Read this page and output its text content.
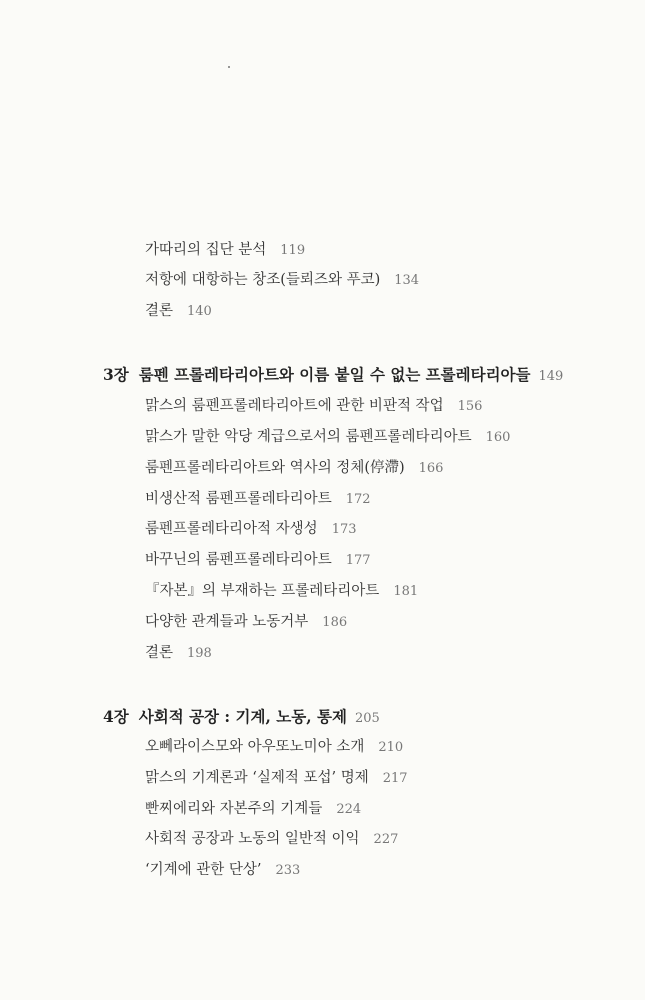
가따리의 집단 분석 119
저항에 대항하는 창조(들뢰즈와 푸코) 134
결론 140
3장 룸펜 프롤레타리아트와 이름 붙일 수 없는 프롤레타리아들 149
맑스의 룸펜프롤레타리아트에 관한 비판적 작업 156
맑스가 말한 악당 계급으로서의 룸펜프롤레타리아트 160
룸펜프롤레타리아트와 역사의 정체(停滯) 166
비생산적 룸펜프롤레타리아트 172
룸펜프롤레타리아적 자생성 173
바꾸닌의 룸펜프롤레타리아트 177
『자본』의 부재하는 프롤레타리아트 181
다양한 관계들과 노동거부 186
결론 198
4장 사회적 공장 : 기계, 노동, 통제 205
오뻬라이스모와 아우또노미아 소개 210
맑스의 기계론과 ‘실제적 포섭’ 명제 217
빤찌에리와 자본주의 기계들 224
사회적 공장과 노동의 일반적 이익 227
‘기계에 관한 단상’ 233
